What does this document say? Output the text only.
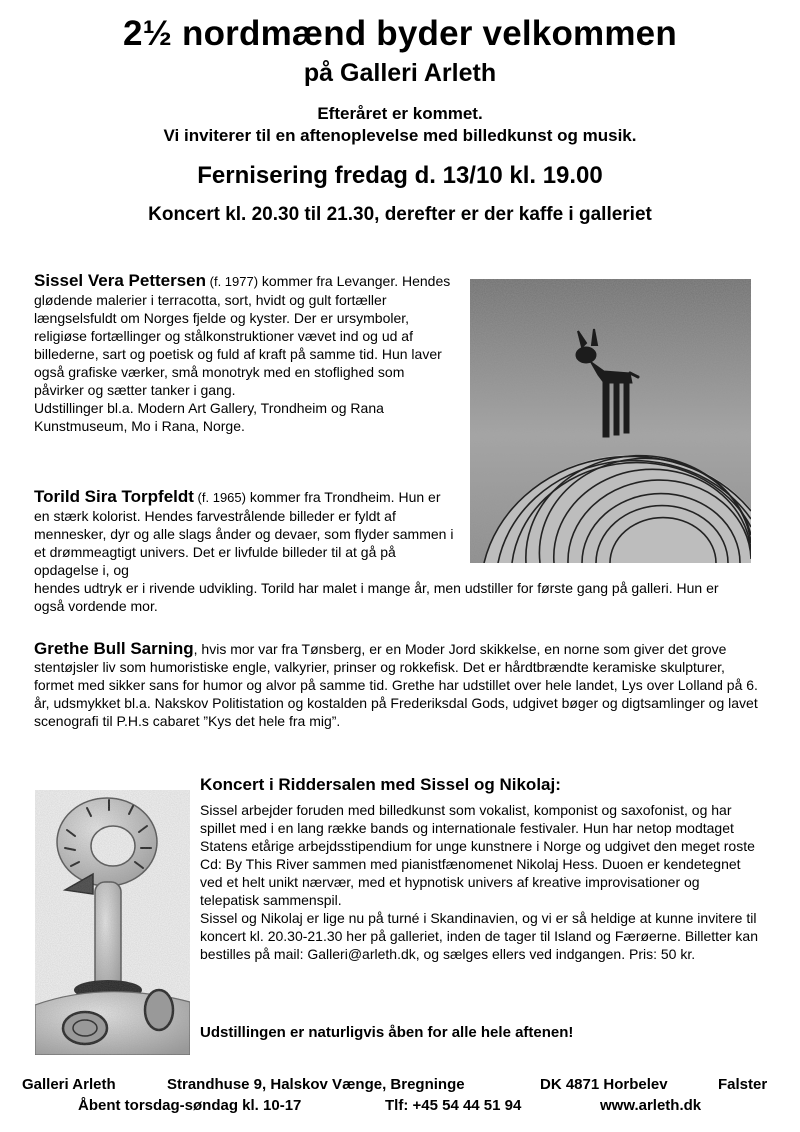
2½ nordmænd byder velkommen
på Galleri Arleth
Efteråret er kommet.
Vi inviterer til en aftenoplevelse med billedkunst og musik.
Fernisering fredag d. 13/10 kl. 19.00
Koncert kl. 20.30 til 21.30, derefter er der kaffe i galleriet
Sissel Vera Pettersen (f. 1977) kommer fra Levanger. Hendes glødende malerier i terracotta, sort, hvidt og gult fortæller længselsfuldt om Norges fjelde og kyster. Der er ursymboler, religiøse fortællinger og stålkonstruktioner vævet ind og ud af billederne, sart og poetisk og fuld af kraft på samme tid. Hun laver også grafiske værker, små monotryk med en stoflighed som påvirker og sætter tanker i gang.
Udstillinger bl.a. Modern Art Gallery, Trondheim og Rana Kunstmuseum, Mo i Rana, Norge.
Torild Sira Torpfeldt (f. 1965) kommer fra Trondheim. Hun er en stærk kolorist. Hendes farvestrålende billeder er fyldt af mennesker, dyr og alle slags ånder og devaer, som flyder sammen i et drømmeagtigt univers. Det er livfulde billeder til at gå på opdagelse i, og
hendes udtryk er i rivende udvikling. Torild har malet i mange år, men udstiller for første gang på galleri. Hun er også vordende mor.
Grethe Bull Sarning, hvis mor var fra Tønsberg, er en Moder Jord skikkelse, en norne som giver det grove stentøjsler liv som humoristiske engle, valkyrier, prinser og rokkefisk. Det er hårdtbrændte keramiske skulpturer, formet med sikker sans for humor og alvor på samme tid. Grethe har udstillet over hele landet, Lys over Lolland på 6. år, udsmykket bl.a. Nakskov Politistation og kostalden på Frederiksdal Gods, udgivet bøger og digtsamlinger og lavet scenografi til P.H.s cabaret ”Kys det hele fra mig”.
Koncert i Riddersalen med Sissel og Nikolaj:
Sissel arbejder foruden med billedkunst som vokalist, komponist og saxofonist, og har spillet med i en lang række bands og internationale festivaler. Hun har netop modtaget Statens etårige arbejdsstipendium for unge kunstnere i Norge og udgivet den meget roste Cd: By This River sammen med pianistfænomenet Nikolaj Hess. Duoen er kendetegnet ved et helt unikt nærvær, med et hypnotisk univers af kreative improvisationer og telepatisk sammenspil.
Sissel og Nikolaj er lige nu på turné i Skandinavien, og vi er så heldige at kunne invitere til koncert kl. 20.30-21.30 her på galleriet, inden de tager til Island og Færøerne. Billetter kan bestilles på mail: Galleri@arleth.dk, og sælges ellers ved indgangen. Pris: 50 kr.
Udstillingen er naturligvis åben for alle hele aftenen!
Galleri Arleth	Strandhuse 9, Halskov Vænge, Bregninge	DK 4871 Horbelev	Falster
Åbent torsdag-søndag kl. 10-17	Tlf: +45 54 44 51 94	www.arleth.dk
